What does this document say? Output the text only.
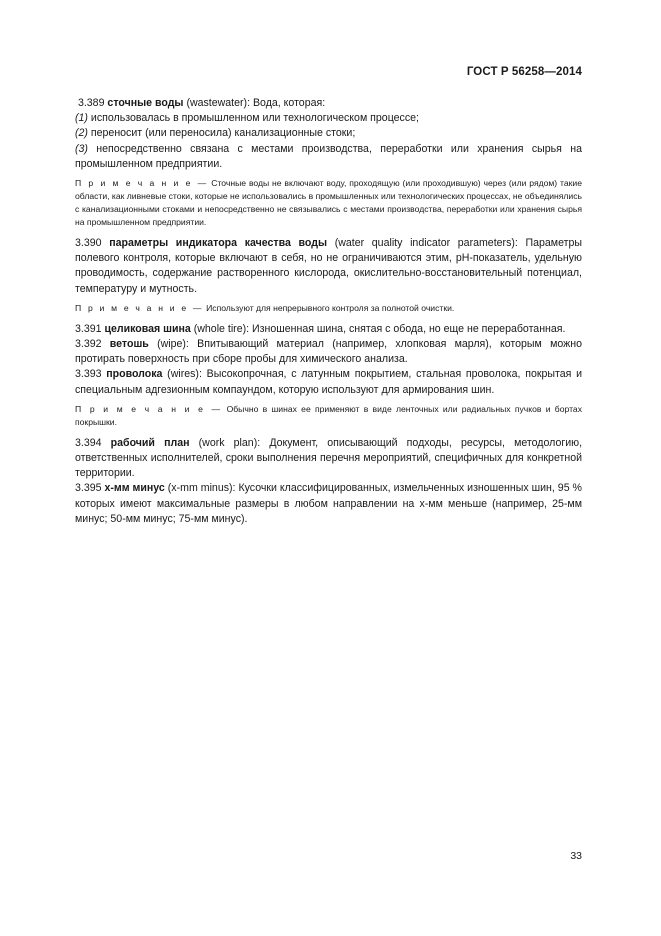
ГОСТ Р 56258—2014

3.389 сточные воды (wastewater): Вода, которая:

(1) использовалась в промышленном или технологическом процессе;

(2) переносит (или переносила) канализационные стоки;

(3) непосредственно связана с местами производства, переработки или хранения сырья на промышленном предприятии.

П р и м е ч а н и е — Сточные воды не включают воду, проходящую (или проходившую) через (или рядом) такие области, как ливневые стоки, которые не использовались в промышленных или технологических процессах, не объединялись с канализационными стоками и непосредственно не связывались с местами производства, переработки или хранения сырья на промышленном предприятии.

3.390 параметры индикатора качества воды (water quality indicator parameters): Параметры полевого контроля, которые включают в себя, но не ограничиваются этим, pH-показатель, удельную проводимость, содержание растворенного кислорода, окислительно-восстановительный потенциал, температуру и мутность.

П р и м е ч а н и е — Используют для непрерывного контроля за полнотой очистки.

3.391 целиковая шина (whole tire): Изношенная шина, снятая с обода, но еще не переработанная.

3.392 ветошь (wipe): Впитывающий материал (например, хлопковая марля), которым можно протирать поверхность при сборе пробы для химического анализа.

3.393 проволока (wires): Высокопрочная, с латунным покрытием, стальная проволока, покрытая и специальным адгезионным компаундом, которую используют для армирования шин.

П р и м е ч а н и е — Обычно в шинах ее применяют в виде ленточных или радиальных пучков и бортах покрышки.

3.394 рабочий план (work plan): Документ, описывающий подходы, ресурсы, методологию, ответственных исполнителей, сроки выполнения перечня мероприятий, специфичных для конкретной территории.

3.395 х-мм минус (x-mm minus): Кусочки классифицированных, измельченных изношенных шин, 95 % которых имеют максимальные размеры в любом направлении на х-мм меньше (например, 25-мм минус; 50-мм минус; 75-мм минус).

33
